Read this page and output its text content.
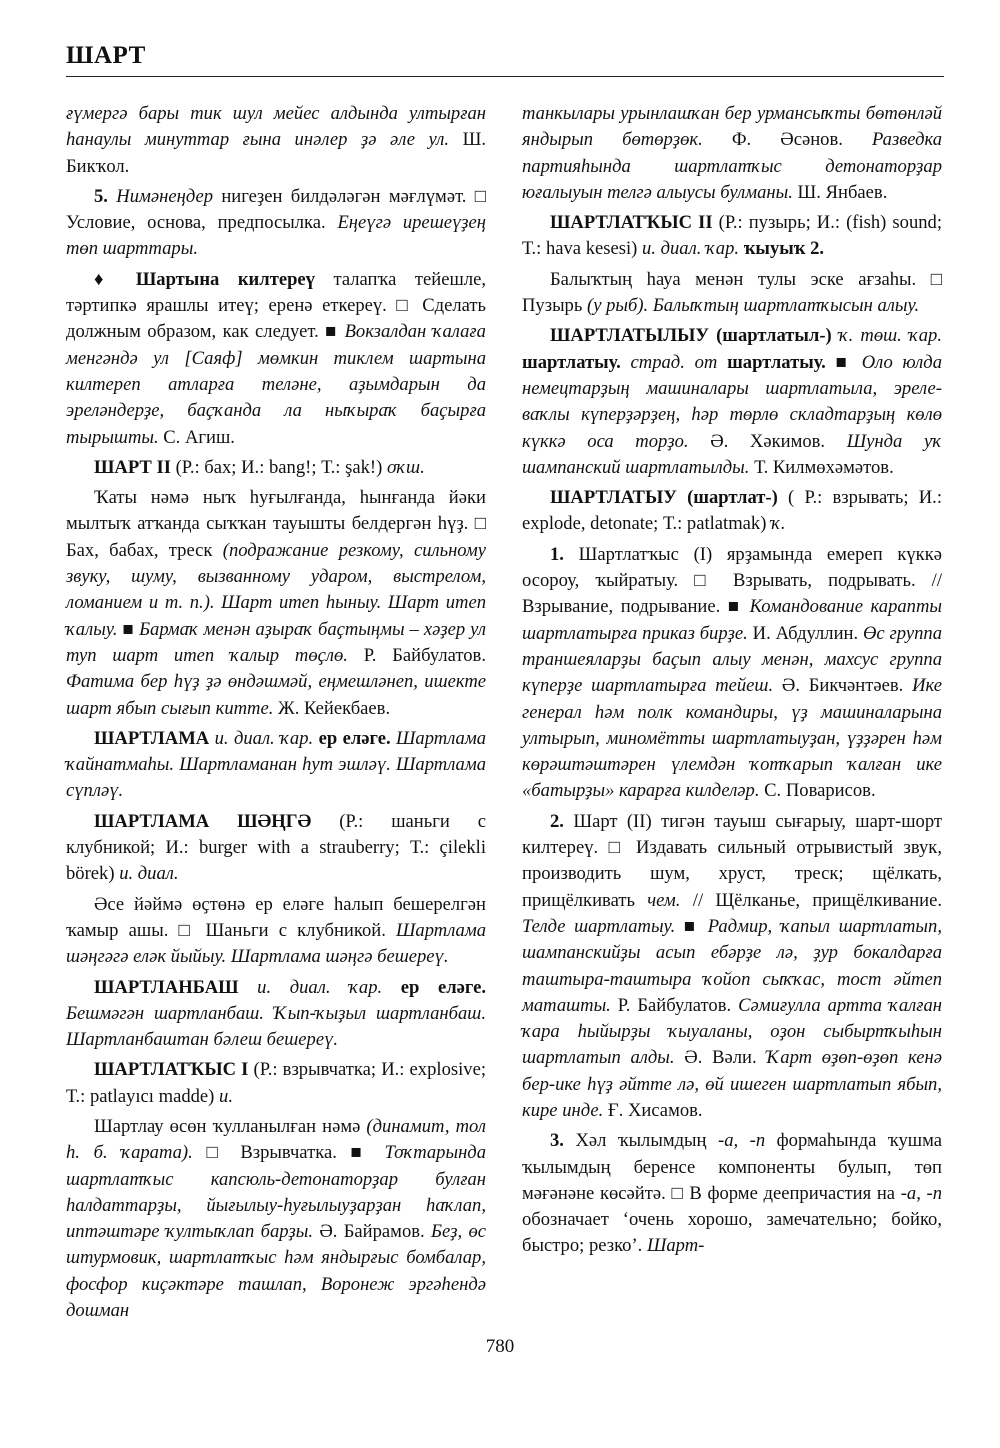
ШАРТ

ғүмергә бары тик шул мейес алдында ултырған һанаулы минуттар ғына инәлер ҙә әле ул. Ш. Бикҡол.

5. Нимәнеңдер нигеҙен билдәләгән мәғлүмәт. □ Условие, основа, предпосылка. Еңеүгә ирешеүҙең төп шарттары.

♦ Шартына килтереү талапҡа тейешле, тәртипкә ярашлы итеү; еренә еткереү. □ Сделать должным образом, как следует. ■ Вокзалдан ҡалаға менгәндә ул [Саяф] мөмкин тиклем шартына килтереп атларға теләне, аҙымдарын да эреләндерҙе, баҫҡанда ла ныҡыраҡ баҫырға тырышты. С. Агиш.

ШАРТ II (Р.: бах; И.: bang!; Т.: şak!) оҡш.

Ҡаты нәмә ныҡ һуғылғанда, һынғанда йәки мылтыҡ атҡанда сыҡҡан тауышты белдергән һүҙ. □ Бах, бабах, треск (подражание резкому, сильному звуку, шуму, вызванному ударом, выстрелом, ломанием и т. п.). Шарт итеп һыныу. Шарт итеп ҡалыу. ■ Бармаҡ менән аҙыраҡ баҫтыңмы – хәҙер ул туп шарт итеп ҡалыр төҫлө. Р. Байбулатов. Фатима бер һүҙ ҙә өндәшмәй, еңмешләнеп, ишекте шарт ябып сығып китте. Ж. Кейекбаев.

ШАРТЛАМА и. диал. ҡар. ер еләге. Шартлама ҡайнатмаһы. Шартламанан һут эшләү. Шартлама сүпләү.

ШАРТЛАМА ШӘҢГӘ (Р.: шаньги с клубникой; И.: burger with a strauberry; Т.: çilekli börek) и. диал.

Әсе йәймә өҫтөнә ер еләге һалып бешерелгән ҡамыр ашы. □ Шаньги с клубникой. Шартлама шәңгәгә еләк йыйыу. Шартлама шәңгә бешереү.

ШАРТЛАНБАШ и. диал. ҡар. ер еләге. Бешмәгән шартланбаш. Ҡып-ҡыҙыл шартланбаш. Шартланбаштан бәлеш бешереү.

ШАРТЛАТҠЫС I (Р.: взрывчатка; И.: explosive; Т.: patlayıcı madde) и.

Шартлау өсөн ҡулланылған нәмә (динамит, тол һ. б. ҡарата). □ Взрывчатка. ■ Тоҡтарында шартлатҡыс капсюль-детонаторҙар булған һалдаттарҙы, йығылыу-һуғылыуҙарҙан һаҡлап, иптәштәре ҡултыҡлап барҙы. Ә. Байрамов. Беҙ, өс штурмовик, шартлатҡыс һәм яндырғыс бомбалар, фосфор киҫәктәре ташлап, Воронеж эргәһендә дошман

танкылары урынлашҡан бер урмансыҡты бөтөнләй яндырып бөтөрҙөк. Ф. Әсәнов. Разведка партияһында шартлатҡыс детонаторҙар юғалыуын телгә алыусы булманы. Ш. Янбаев.

ШАРТЛАТҠЫС II (Р.: пузырь; И.: (fish) sound; Т.: hava kesesi) и. диал. ҡар. ҡыуыҡ 2.

Балыҡтың һауа менән тулы эске ағзаһы. □ Пузырь (у рыб). Балыҡтың шартлатҡысын алыу.

ШАРТЛАТЫЛЫУ (шартлатыл-) ҡ. төш. ҡар. шартлатыу. страд. от шартлатыу. ■ Оло юлда немецтарҙың машиналары шартлатыла, эреле-ваҡлы күперҙәрҙең, һәр төрлө складтарҙың көлө күккә оса торҙо. Ә. Хәкимов. Шунда уҡ шампанский шартлатылды. Т. Килмөхәмәтов.

ШАРТЛАТЫУ (шартлат-) ( Р.: взрывать; И.: explode, detonate; Т.: patlatmak) ҡ.

1. Шартлатҡыс (I) ярҙамында емереп күккә осороу, ҡыйратыу. □ Взрывать, подрывать. // Взрывание, подрывание. ■ Командование карапты шартлатырға приказ бирҙе. И. Абдуллин. Өс группа траншеяларҙы баҫып алыу менән, махсус группа күперҙе шартлатырға тейеш. Ә. Бикчәнтәев. Ике генерал һәм полк командиры, үҙ машиналарына ултырып, миномётты шартлатыуҙан, үҙҙәрен һәм көрәштәштәрен үлемдән ҡотҡарып ҡалған ике «батырҙы» карарға килделәр. С. Поварисов.

2. Шарт (II) тигән тауыш сығарыу, шарт-шорт килтереү. □ Издавать сильный отрывистый звук, производить шум, хруст, треск; щёлкать, прищёлкивать чем. // Щёлканье, прищёлкивание. Телде шартлатыу. ■ Радмир, ҡапыл шартлатып, шампанскийҙы асып ебәрҙе лә, ҙур бокалдарға таштыра-таштыра ҡойоп сыҡҡас, тост әйтеп маташты. Р. Байбулатов. Сәмиғулла арттa ҡалған ҡара һыйырҙы ҡыуаланы, оҙон сыбыртҡыһын шартлатып алды. Ә. Вәли. Ҡарт өҙөп-өҙөп кенә бер-ике һүҙ әйтте лә, өй ишеген шартлатып ябып, кире инде. Ғ. Хисамов.

3. Хәл ҡылымдың -а, -п формаһында ҡушма ҡылымдың беренсе компоненты булып, төп мәғәнәне көсәйтә. □ В форме деепричастия на -а, -п обозначает ‘очень хорошо, замечательно; бойко, быстро; резко’. Шарт-

780
